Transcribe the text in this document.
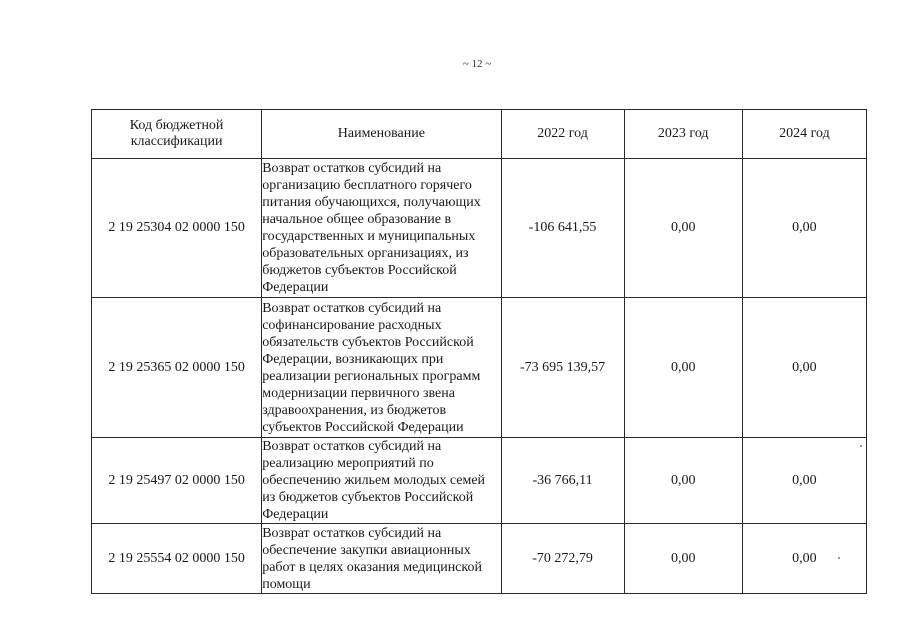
~ 12 ~
Код бюджетной классификации	Наименование	2022 год	2023 год	2024 год
2 19 25304 02 0000 150	Возврат остатков субсидий на организацию бесплатного горячего питания обучающихся, получающих начальное общее образование в государственных и муниципальных образовательных организациях, из бюджетов субъектов Российской Федерации	-106 641,55	0,00	0,00
2 19 25365 02 0000 150	Возврат остатков субсидий на софинансирование расходных обязательств субъектов Российской Федерации, возникающих при реализации региональных программ модернизации первичного звена здравоохранения, из бюджетов субъектов Российской Федерации	-73 695 139,57	0,00	0,00
2 19 25497 02 0000 150	Возврат остатков субсидий на реализацию мероприятий по обеспечению жильем молодых семей из бюджетов субъектов Российской Федерации	-36 766,11	0,00	0,00
2 19 25554 02 0000 150	Возврат остатков субсидий на обеспечение закупки авиационных работ в целях оказания медицинской помощи	-70 272,79	0,00	0,00
